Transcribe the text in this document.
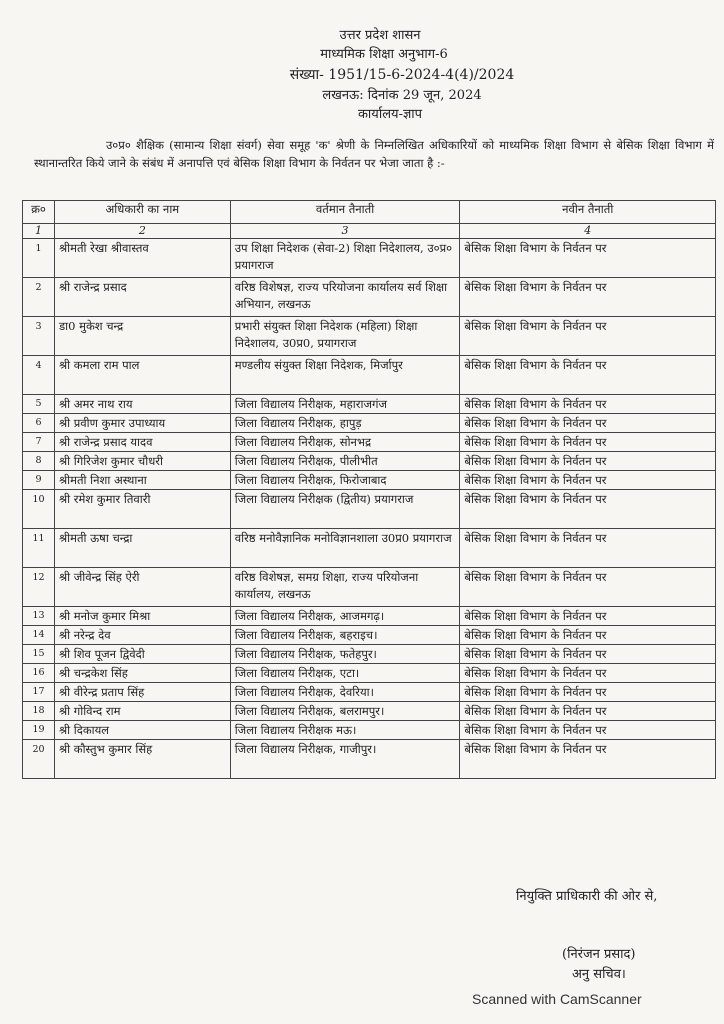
उत्तर प्रदेश शासन
माध्यमिक शिक्षा अनुभाग-6
संख्या- 1951/15-6-2024-4(4)/2024
लखनऊ: दिनांक 29 जून, 2024
कार्यालय-ज्ञाप

उ०प्र० शैक्षिक (सामान्य शिक्षा संवर्ग) सेवा समूह 'क' श्रेणी के निम्नलिखित अधिकारियों को माध्यमिक शिक्षा विभाग से बेसिक शिक्षा विभाग में स्थानान्तरित किये जाने के संबंध में अनापत्ति एवं बेसिक शिक्षा विभाग के निर्वतन पर भेजा जाता है :-

क्र०	अधिकारी का नाम	वर्तमान तैनाती	नवीन तैनाती
1	2	3	4
1	श्रीमती रेखा श्रीवास्तव	उप शिक्षा निदेशक (सेवा-2) शिक्षा निदेशालय, उ०प्र० प्रयागराज	बेसिक शिक्षा विभाग के निर्वतन पर
2	श्री राजेन्द्र प्रसाद	वरिष्ठ विशेषज्ञ, राज्य परियोजना कार्यालय सर्व शिक्षा अभियान, लखनऊ	बेसिक शिक्षा विभाग के निर्वतन पर
3	डा0 मुकेश चन्द्र	प्रभारी संयुक्त शिक्षा निदेशक (महिला) शिक्षा निदेशालय, उ0प्र0, प्रयागराज	बेसिक शिक्षा विभाग के निर्वतन पर
4	श्री कमला राम पाल	मण्डलीय संयुक्त शिक्षा निदेशक, मिर्जापुर	बेसिक शिक्षा विभाग के निर्वतन पर
5	श्री अमर नाथ राय	जिला विद्यालय निरीक्षक, महाराजगंज	बेसिक शिक्षा विभाग के निर्वतन पर
6	श्री प्रवीण कुमार उपाध्याय	जिला विद्यालय निरीक्षक, हापुड़	बेसिक शिक्षा विभाग के निर्वतन पर
7	श्री राजेन्द्र प्रसाद यादव	जिला विद्यालय निरीक्षक, सोनभद्र	बेसिक शिक्षा विभाग के निर्वतन पर
8	श्री गिरिजेश कुमार चौधरी	जिला विद्यालय निरीक्षक, पीलीभीत	बेसिक शिक्षा विभाग के निर्वतन पर
9	श्रीमती निशा अस्थाना	जिला विद्यालय निरीक्षक, फिरोजाबाद	बेसिक शिक्षा विभाग के निर्वतन पर
10	श्री रमेश कुमार तिवारी	जिला विद्यालय निरीक्षक (द्वितीय) प्रयागराज	बेसिक शिक्षा विभाग के निर्वतन पर
11	श्रीमती ऊषा चन्द्रा	वरिष्ठ मनोवैज्ञानिक मनोविज्ञानशाला उ0प्र0 प्रयागराज	बेसिक शिक्षा विभाग के निर्वतन पर
12	श्री जीवेन्द्र सिंह ऐरी	वरिष्ठ विशेषज्ञ, समग्र शिक्षा, राज्य परियोजना कार्यालय, लखनऊ	बेसिक शिक्षा विभाग के निर्वतन पर
13	श्री मनोज कुमार मिश्रा	जिला विद्यालय निरीक्षक, आजमगढ़।	बेसिक शिक्षा विभाग के निर्वतन पर
14	श्री नरेन्द्र देव	जिला विद्यालय निरीक्षक, बहराइच।	बेसिक शिक्षा विभाग के निर्वतन पर
15	श्री शिव पूजन द्विवेदी	जिला विद्यालय निरीक्षक, फतेहपुर।	बेसिक शिक्षा विभाग के निर्वतन पर
16	श्री चन्द्रकेश सिंह	जिला विद्यालय निरीक्षक, एटा।	बेसिक शिक्षा विभाग के निर्वतन पर
17	श्री वीरेन्द्र प्रताप सिंह	जिला विद्यालय निरीक्षक, देवरिया।	बेसिक शिक्षा विभाग के निर्वतन पर
18	श्री गोविन्द राम	जिला विद्यालय निरीक्षक, बलरामपुर।	बेसिक शिक्षा विभाग के निर्वतन पर
19	श्री दिकायल	जिला विद्यालय निरीक्षक मऊ।	बेसिक शिक्षा विभाग के निर्वतन पर
20	श्री कौस्तुभ कुमार सिंह	जिला विद्यालय निरीक्षक, गाजीपुर।	बेसिक शिक्षा विभाग के निर्वतन पर
नियुक्ति प्राधिकारी की ओर से,
(निरंजन प्रसाद)
अनु सचिव।
Scanned with CamScanner
